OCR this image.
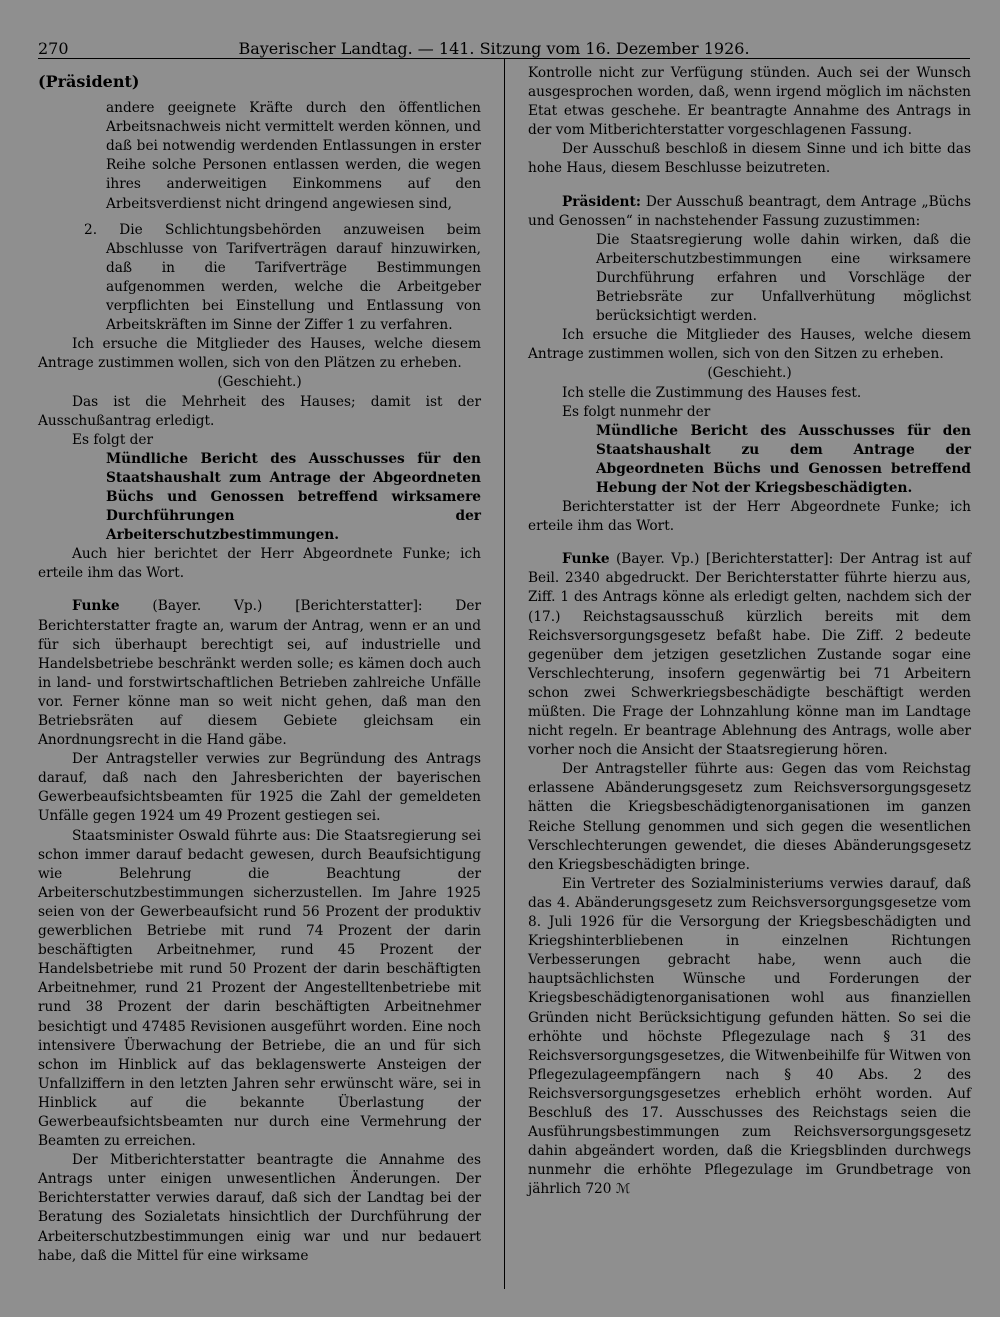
270	Bayerischer Landtag. — 141. Sitzung vom 16. Dezember 1926.

(Präsident)

andere geeignete Kräfte durch den öffentlichen Arbeitsnachweis nicht vermittelt werden können, und daß bei notwendig werdenden Entlassungen in erster Reihe solche Personen entlassen werden, die wegen ihres anderweitigen Einkommens auf den Arbeitsverdienst nicht dringend angewiesen sind,

2. Die Schlichtungsbehörden anzuweisen beim Abschlusse von Tarifverträgen darauf hinzuwirken, daß in die Tarifverträge Bestimmungen aufgenommen werden, welche die Arbeitgeber verpflichten bei Einstellung und Entlassung von Arbeitskräften im Sinne der Ziffer 1 zu verfahren.

Ich ersuche die Mitglieder des Hauses, welche diesem Antrage zustimmen wollen, sich von den Plätzen zu erheben.

(Geschieht.)

Das ist die Mehrheit des Hauses; damit ist der Ausschußantrag erledigt.

Es folgt der

Mündliche Bericht des Ausschusses für den Staatshaushalt zum Antrage der Abgeordneten Büchs und Genossen betreffend wirksamere Durchführungen der Arbeiterschutzbestimmungen.

Auch hier berichtet der Herr Abgeordnete Funke; ich erteile ihm das Wort.

Funke (Bayer. Vp.) [Berichterstatter]: Der Berichterstatter fragte an, warum der Antrag, wenn er an und für sich überhaupt berechtigt sei, auf industrielle und Handelsbetriebe beschränkt werden solle; es kämen doch auch in land- und forstwirtschaftlichen Betrieben zahlreiche Unfälle vor. Ferner könne man so weit nicht gehen, daß man den Betriebsräten auf diesem Gebiete gleichsam ein Anordnungsrecht in die Hand gäbe.

Der Antragsteller verwies zur Begründung des Antrags darauf, daß nach den Jahresberichten der bayerischen Gewerbeaufsichtsbeamten für 1925 die Zahl der gemeldeten Unfälle gegen 1924 um 49 Prozent gestiegen sei.

Staatsminister Oswald führte aus: Die Staatsregierung sei schon immer darauf bedacht gewesen, durch Beaufsichtigung wie Belehrung die Beachtung der Arbeiterschutzbestimmungen sicherzustellen. Im Jahre 1925 seien von der Gewerbeaufsicht rund 56 Prozent der produktiv gewerblichen Betriebe mit rund 74 Prozent der darin beschäftigten Arbeitnehmer, rund 45 Prozent der Handelsbetriebe mit rund 50 Prozent der darin beschäftigten Arbeitnehmer, rund 21 Prozent der Angestelltenbetriebe mit rund 38 Prozent der darin beschäftigten Arbeitnehmer besichtigt und 47485 Revisionen ausgeführt worden. Eine noch intensivere Überwachung der Betriebe, die an und für sich schon im Hinblick auf das beklagenswerte Ansteigen der Unfallziffern in den letzten Jahren sehr erwünscht wäre, sei in Hinblick auf die bekannte Überlastung der Gewerbeaufsichtsbeamten nur durch eine Vermehrung der Beamten zu erreichen.

Der Mitberichterstatter beantragte die Annahme des Antrags unter einigen unwesentlichen Änderungen. Der Berichterstatter verwies darauf, daß sich der Landtag bei der Beratung des Sozialetats hinsichtlich der Durchführung der Arbeiterschutzbestimmungen einig war und nur bedauert habe, daß die Mittel für eine wirksame

Kontrolle nicht zur Verfügung stünden. Auch sei der Wunsch ausgesprochen worden, daß, wenn irgend möglich im nächsten Etat etwas geschehe. Er beantragte Annahme des Antrags in der vom Mitberichterstatter vorgeschlagenen Fassung.

Der Ausschuß beschloß in diesem Sinne und ich bitte das hohe Haus, diesem Beschlusse beizutreten.

Präsident: Der Ausschuß beantragt, dem Antrage „Büchs und Genossen“ in nachstehender Fassung zuzustimmen:

Die Staatsregierung wolle dahin wirken, daß die Arbeiterschutzbestimmungen eine wirksamere Durchführung erfahren und Vorschläge der Betriebsräte zur Unfallverhütung möglichst berücksichtigt werden.

Ich ersuche die Mitglieder des Hauses, welche diesem Antrage zustimmen wollen, sich von den Sitzen zu erheben.

(Geschieht.)

Ich stelle die Zustimmung des Hauses fest.

Es folgt nunmehr der

Mündliche Bericht des Ausschusses für den Staatshaushalt zu dem Antrage der Abgeordneten Büchs und Genossen betreffend Hebung der Not der Kriegsbeschädigten.

Berichterstatter ist der Herr Abgeordnete Funke; ich erteile ihm das Wort.

Funke (Bayer. Vp.) [Berichterstatter]: Der Antrag ist auf Beil. 2340 abgedruckt. Der Berichterstatter führte hierzu aus, Ziff. 1 des Antrags könne als erledigt gelten, nachdem sich der (17.) Reichstagsausschuß kürzlich bereits mit dem Reichsversorgungsgesetz befaßt habe. Die Ziff. 2 bedeute gegenüber dem jetzigen gesetzlichen Zustande sogar eine Verschlechterung, insofern gegenwärtig bei 71 Arbeitern schon zwei Schwerkriegsbeschädigte beschäftigt werden müßten. Die Frage der Lohnzahlung könne man im Landtage nicht regeln. Er beantrage Ablehnung des Antrags, wolle aber vorher noch die Ansicht der Staatsregierung hören.

Der Antragsteller führte aus: Gegen das vom Reichstag erlassene Abänderungsgesetz zum Reichsversorgungsgesetz hätten die Kriegsbeschädigtenorganisationen im ganzen Reiche Stellung genommen und sich gegen die wesentlichen Verschlechterungen gewendet, die dieses Abänderungsgesetz den Kriegsbeschädigten bringe.

Ein Vertreter des Sozialministeriums verwies darauf, daß das 4. Abänderungsgesetz zum Reichsversorgungsgesetze vom 8. Juli 1926 für die Versorgung der Kriegsbeschädigten und Kriegshinterbliebenen in einzelnen Richtungen Verbesserungen gebracht habe, wenn auch die hauptsächlichsten Wünsche und Forderungen der Kriegsbeschädigtenorganisationen wohl aus finanziellen Gründen nicht Berücksichtigung gefunden hätten. So sei die erhöhte und höchste Pflegezulage nach § 31 des Reichsversorgungsgesetzes, die Witwenbeihilfe für Witwen von Pflegezulageempfängern nach § 40 Abs. 2 des Reichsversorgungsgesetzes erheblich erhöht worden. Auf Beschluß des 17. Ausschusses des Reichstags seien die Ausführungsbestimmungen zum Reichsversorgungsgesetz dahin abgeändert worden, daß die Kriegsblinden durchwegs nunmehr die erhöhte Pflegezulage im Grundbetrage von jährlich 720 ℳ
